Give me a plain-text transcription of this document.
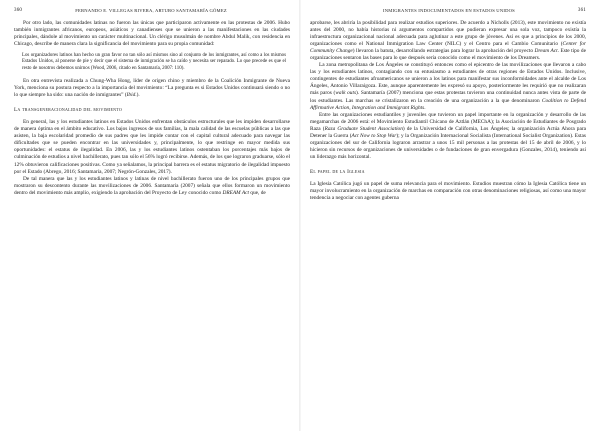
360	FERNANDO E. VILLEGAS RIVERA, ARTURO SANTAMARÍA GÓMEZ

Por otro lado, las comunidades latinas no fueron las únicas que participaron activamente en las protestas de 2006. Hubo también inmigrantes africanos, europeos, asiáticos y canadienses que se unieron a las manifestaciones en las ciudades principales, dándole al movimiento un carácter multinacional. Un clérigo musulmán de nombre Abdul Malik, con residencia en Chicago, describe de manera clara la significancia del movimiento para su propia comunidad:

Los organizadores latinos han hecho un gran favor no tan sólo así mismos sino al conjunto de los inmigrantes, así como a los mismos Estados Unidos, al ponerse de pie y decir que el sistema de inmigración se ha caído y necesita ser reparado. Lo que precede es que el resto de nosotros debemos unirnos (Wood, 2006, citado en Santamaría, 2007: 110).

En otra entrevista realizada a Chung-Wha Hong, líder de origen chino y miembro de la Coalición Inmigrante de Nueva York, menciona su postura respecto a la importancia del movimiento: “La pregunta es si Estados Unidos continuará siendo o no lo que siempre ha sido: una nación de inmigrantes” (Ibid.).

La transgeneracionalidad del movimiento

En general, las y los estudiantes latinos en Estados Unidos enfrentan obstáculos estructurales que les impiden desarrollarse de manera óptima en el ámbito educativo. Los bajos ingresos de sus familias, la mala calidad de las escuelas públicas a las que asisten, la baja escolaridad promedio de sus padres que les impide contar con el capital cultural adecuado para navegar las dificultades que se pueden encontrar en las universidades y, principalmente, lo que restringe en mayor medida sus oportunidades: el estatus de ilegalidad. En 2006, las y los estudiantes latinos ostentaban los porcentajes más bajos de culminación de estudios a nivel bachillerato, pues tan sólo el 56% logró recibirse. Además, de los que lograron graduarse, sólo el 12% obtuvieron calificaciones positivas. Como ya señalamos, la principal barrera es el estatus migratorio de ilegalidad impuesto por el Estado (Abrego, 2016; Santamaría, 2007; Negrón-Gonzales, 2017).

De tal manera que las y los estudiantes latinos y latinas de nivel bachillerato fueron uno de los principales grupos que mostraron su descontento durante las movilizaciones de 2006. Santamaría (2007) señala que ellos formaron un movimiento dentro del movimiento más amplio, exigiendo la aprobación del Proyecto de Ley conocido como DREAM Act que, de

INMIGRANTES INDOCUMENTADOS EN ESTADOS UNIDOS	361

aprobarse, les abriría la posibilidad para realizar estudios superiores. De acuerdo a Nicholls (2013), este movimiento no existía antes del 2000, no había historias ni argumentos compartidos que pudieran expresar una sola voz, tampoco existía la infraestructura organizacional nacional adecuada para aglutinar a este grupo de jóvenes. Así es que a principios de los 2000, organizaciones como el National Immigration Law Center (NILC) y el Centro para el Cambio Comunitario (Center for Community Change) llevaron la batuta, desarrollando estrategias para lograr la aprobación del proyecto Dream Act. Este tipo de organizaciones sentaron las bases para lo que después sería conocido como el movimiento de los Dreamers.

La zona metropolitana de Los Ángeles se constituyó entonces como el epicentro de las movilizaciones que llevaron a cabo las y los estudiantes latinos, contagiando con su entusiasmo a estudiantes de otras regiones de Estados Unidos. Inclusive, contingentes de estudiantes afroamericanos se unieron a los latinos para manifestar sus inconformidades ante el alcalde de Los Ángeles, Antonio Villaraigoza. Este, aunque aparentemente les expresó su apoyo, posteriormente les requirió que no realizaran más paros (walk outs). Santamaría (2007) menciona que estas protestas tuvieron una continuidad nunca antes vista de parte de los estudiantes. Las marchas se cristalizaron en la creación de una organización a la que denominaron Coalition to Defend Affirmative Action, Integration and Immigrant Rights.

Entre las organizaciones estudiantiles y juveniles que tuvieron un papel importante en la organización y desarrollo de las megamarchas de 2006 está: el Movimiento Estudiantil Chicano de Aztlán (MEChA); la Asociación de Estudiantes de Posgrado Raza (Raza Graduate Student Association) de la Universidad de California, Los Ángeles; la organización Actúa Ahora para Detener la Guerra (Act Now to Stop War); y la Organización Internacional Socialista (International Socialist Organization). Estas organizaciones del sur de California lograron arrastrar a unos 15 mil personas a las protestas del 15 de abril de 2006, y lo hicieron sin recursos de organizaciones de universidades o de fundaciones de gran envergadura (Gonzales, 2014), teniendo así un liderazgo más horizontal.

El papel de la Iglesia

La Iglesia Católica jugó un papel de suma relevancia para el movimiento. Estudios muestran cómo la Iglesia Católica tiene un mayor involucramiento en la organización de marchas en comparación con otras denominaciones religiosas, así como una mayor tendencia a negociar con agentes guberna
